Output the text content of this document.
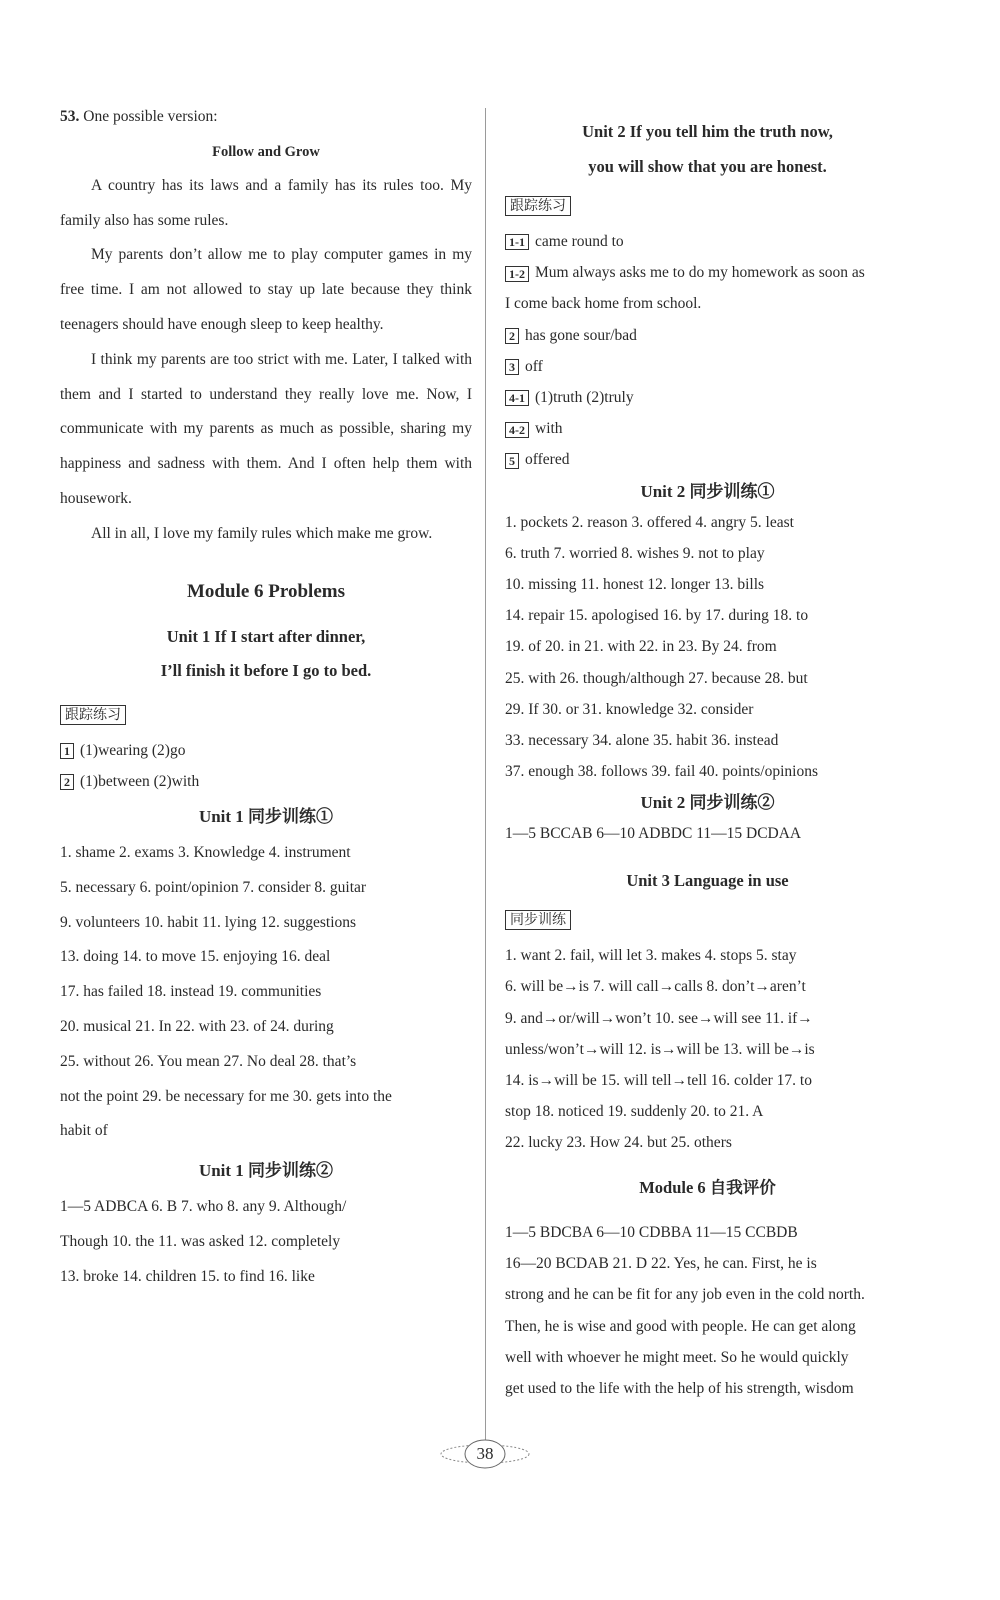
53. One possible version:

Follow and Grow

A country has its laws and a family has its rules too. My family also has some rules.

My parents don’t allow me to play computer games in my free time. I am not allowed to stay up late because they think teenagers should have enough sleep to keep healthy.

I think my parents are too strict with me. Later, I talked with them and I started to understand they really love me. Now, I communicate with my parents as much as possible, sharing my happiness and sadness with them. And I often help them with housework.

All in all, I love my family rules which make me grow.

Module 6 Problems

Unit 1 If I start after dinner,

I’ll finish it before I go to bed.

跟踪练习

1 (1)wearing (2)go

2 (1)between (2)with

Unit 1 同步训练①

1. shame 2. exams 3. Knowledge 4. instrument

5. necessary 6. point/opinion 7. consider 8. guitar

9. volunteers 10. habit 11. lying 12. suggestions

13. doing 14. to move 15. enjoying 16. deal

17. has failed 18. instead 19. communities

20. musical 21. In 22. with 23. of 24. during

25. without 26. You mean 27. No deal 28. that’s

not the point 29. be necessary for me 30. gets into the

habit of

Unit 1 同步训练②

1—5 ADBCA 6. B 7. who 8. any 9. Although/

Though 10. the 11. was asked 12. completely

13. broke 14. children 15. to find 16. like

Unit 2 If you tell him the truth now,

you will show that you are honest.

跟踪练习

1-1 came round to

1-2 Mum always asks me to do my homework as soon as

I come back home from school.

2 has gone sour/bad

3 off

4-1 (1)truth (2)truly

4-2 with

5 offered

Unit 2 同步训练①

1. pockets 2. reason 3. offered 4. angry 5. least

6. truth 7. worried 8. wishes 9. not to play

10. missing 11. honest 12. longer 13. bills

14. repair 15. apologised 16. by 17. during 18. to

19. of 20. in 21. with 22. in 23. By 24. from

25. with 26. though/although 27. because 28. but

29. If 30. or 31. knowledge 32. consider

33. necessary 34. alone 35. habit 36. instead

37. enough 38. follows 39. fail 40. points/opinions

Unit 2 同步训练②

1—5 BCCAB 6—10 ADBDC 11—15 DCDAA

Unit 3 Language in use

同步训练

1. want 2. fail, will let 3. makes 4. stops 5. stay

6. will be→is 7. will call→calls 8. don’t→aren’t

9. and→or/will→won’t 10. see→will see 11. if→

unless/won’t→will 12. is→will be 13. will be→is

14. is→will be 15. will tell→tell 16. colder 17. to

stop 18. noticed 19. suddenly 20. to 21. A

22. lucky 23. How 24. but 25. others

Module 6 自我评价

1—5 BDCBA 6—10 CDBBA 11—15 CCBDB

16—20 BCDAB 21. D 22. Yes, he can. First, he is

strong and he can be fit for any job even in the cold north.

Then, he is wise and good with people. He can get along

well with whoever he might meet. So he would quickly

get used to the life with the help of his strength, wisdom

38
